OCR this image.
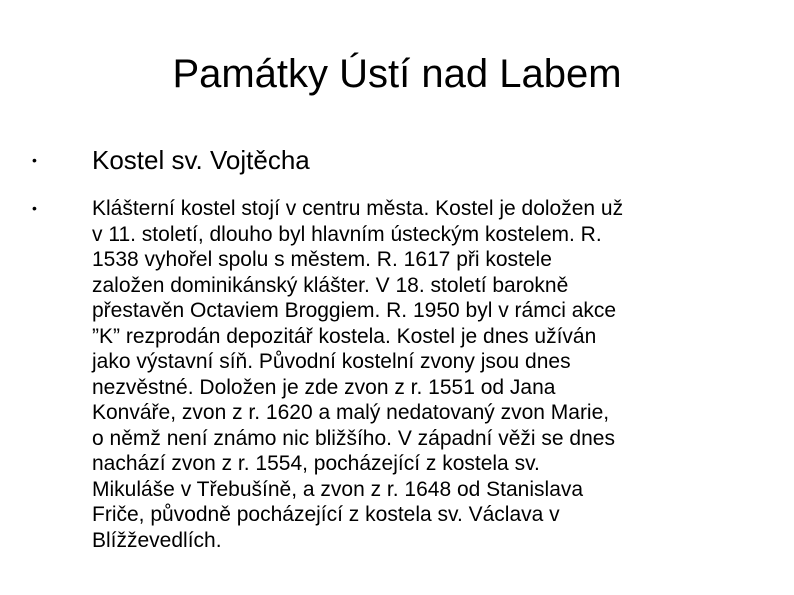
Památky Ústí nad Labem
• Kostel sv. Vojtěcha
•	Klášterní kostel stojí v centru města. Kostel je doložen už
v 11. století, dlouho byl hlavním ústeckým kostelem. R.
1538 vyhořel spolu s městem. R. 1617 při kostele
založen dominikánský klášter. V 18. století barokně
přestavěn Octaviem Broggiem. R. 1950 byl v rámci akce
”K” rezprodán depozitář kostela. Kostel je dnes užíván
jako výstavní síň. Původní kostelní zvony jsou dnes
nezvěstné. Doložen je zde zvon z r. 1551 od Jana
Konváře, zvon z r. 1620 a malý nedatovaný zvon Marie,
o němž není známo nic bližšího. V západní věži se dnes
nachází zvon z r. 1554, pocházející z kostela sv.
Mikuláše v Třebušíně, a zvon z r. 1648 od Stanislava
Friče, původně pocházející z kostela sv. Václava v
Blížževedlích.
